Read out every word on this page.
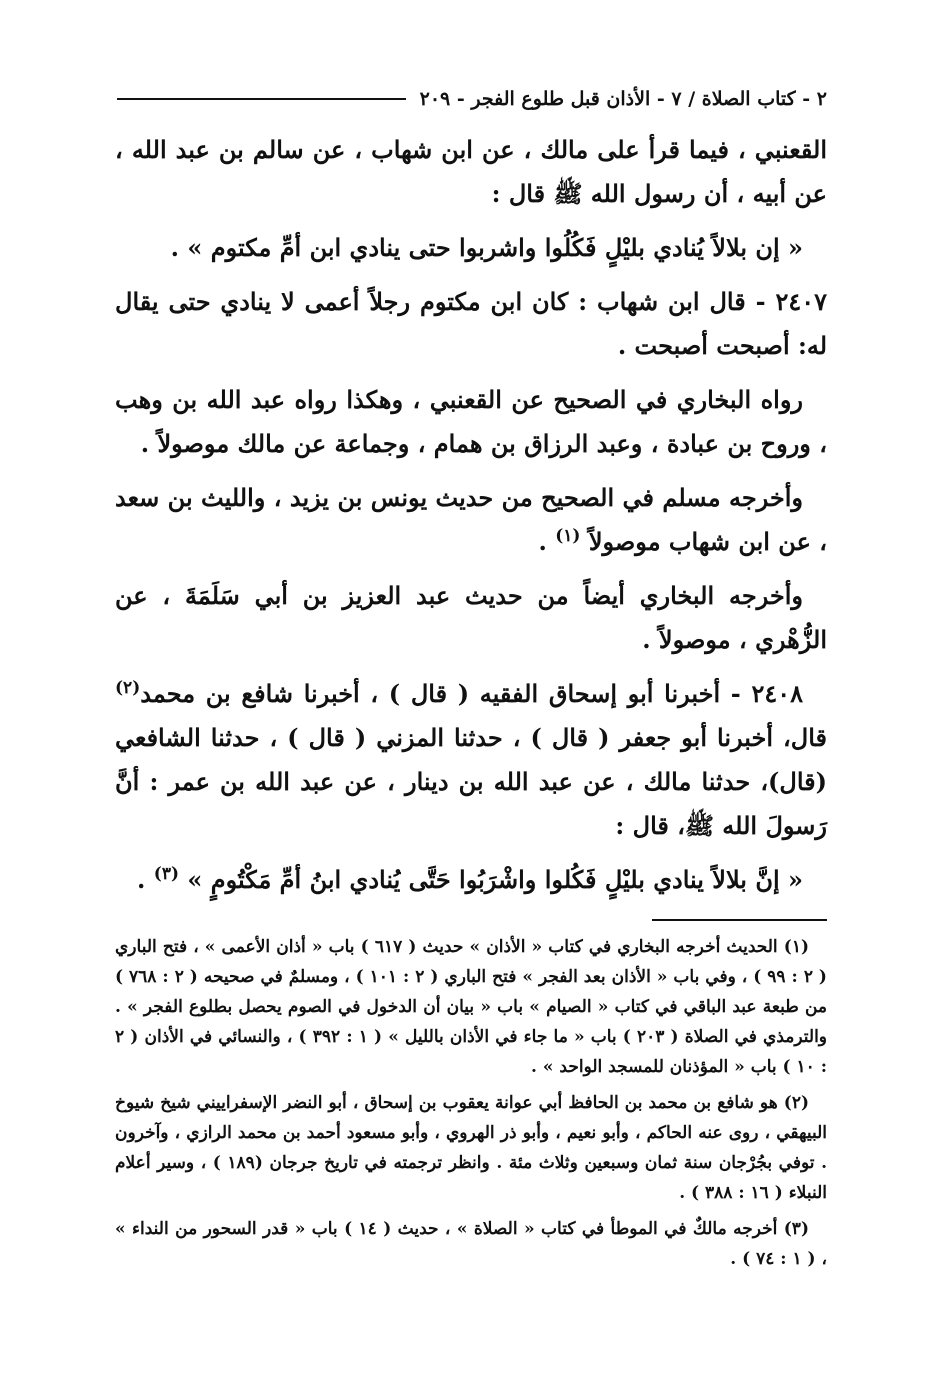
٢ - كتاب الصلاة / ٧ - الأذان قبل طلوع الفجر - ٢٠٩

القعنبي ، فيما قرأ على مالك ، عن ابن شهاب ، عن سالم بن عبد الله ، عن أبيه ، أن رسول الله ﷺ قال :

« إن بلالاً يُنادي بليْلٍ فَكُلُوا واشربوا حتى ينادي ابن أمِّ مكتوم » .

٢٤٠٧ - قال ابن شهاب : كان ابن مكتوم رجلاً أعمى لا ينادي حتى يقال له: أصبحت أصبحت .

رواه البخاري في الصحيح عن القعنبي ، وهكذا رواه عبد الله بن وهب ، وروح بن عبادة ، وعبد الرزاق بن همام ، وجماعة عن مالك موصولاً .

وأخرجه مسلم في الصحيح من حديث يونس بن يزيد ، والليث بن سعد ، عن ابن شهاب موصولاً $^{(١)}$ .

وأخرجه البخاري أيضاً من حديث عبد العزيز بن أبي سَلَمَةَ ، عن الزُّهْري ، موصولاً .

٢٤٠٨ - أخبرنا أبو إسحاق الفقيه ( قال ) ، أخبرنا شافع بن محمد$^{(٢)}$ قال، أخبرنا أبو جعفر ( قال ) ، حدثنا المزني ( قال ) ، حدثنا الشافعي (قال)، حدثنا مالك ، عن عبد الله بن دينار ، عن عبد الله بن عمر : أنَّ رَسولَ الله ﷺ، قال :

« إنَّ بلالاً ينادي بليْلٍ فَكُلوا واشْرَبُوا حَتَّى يُنادي ابنُ أمِّ مَكْتُومٍ » $^{(٣)}$ .

(١) الحديث أخرجه البخاري في كتاب « الأذان » حديث ( ٦١٧ ) باب « أذان الأعمى » ، فتح الباري ( ٢ : ٩٩ ) ، وفي باب « الأذان بعد الفجر » فتح الباري ( ٢ : ١٠١ ) ، ومسلمٌ في صحيحه ( ٢ : ٧٦٨ ) من طبعة عبد الباقي في كتاب « الصيام » باب « بيان أن الدخول في الصوم يحصل بطلوع الفجر » . والترمذي في الصلاة ( ٢٠٣ ) باب « ما جاء في الأذان بالليل » ( ١ : ٣٩٢ ) ، والنسائي في الأذان ( ٢ : ١٠ ) باب « المؤذنان للمسجد الواحد » .

(٢) هو شافع بن محمد بن الحافظ أبي عوانة يعقوب بن إسحاق ، أبو النضر الإسفراييني شيخ شيوخ البيهقي ، روى عنه الحاكم ، وأبو نعيم ، وأبو ذر الهروي ، وأبو مسعود أحمد بن محمد الرازي ، وآخرون . توفي بجُرْجان سنة ثمان وسبعين وثلاث مئة . وانظر ترجمته في تاريخ جرجان (١٨٩ ) ، وسير أعلام النبلاء ( ١٦ : ٣٨٨ ) .

(٣) أخرجه مالكٌ في الموطأ في كتاب « الصلاة » ، حديث ( ١٤ ) باب « قدر السحور من النداء » ، ( ١ : ٧٤ ) .
